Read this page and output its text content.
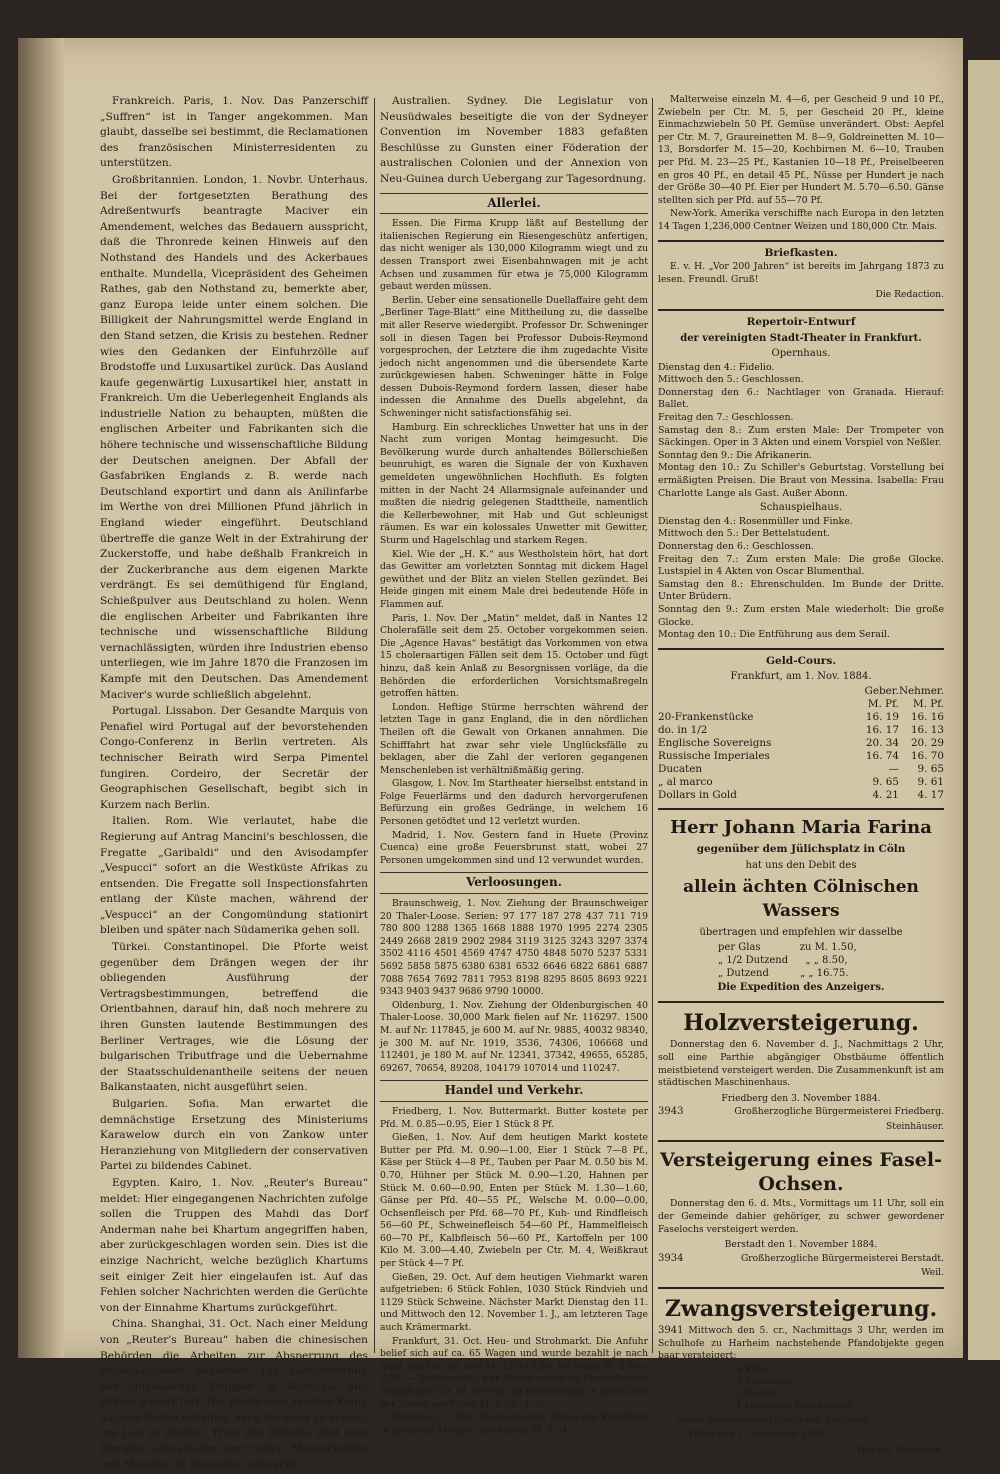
Frankreich. Paris, 1. Nov. Das Panzerschiff „Suffren“ ist in Tanger angekommen. Man glaubt, dasselbe sei bestimmt, die Reclamationen des französischen Ministerresidenten zu unterstützen.

Großbritannien. London, 1. Novbr. Unterhaus. Bei der fortgesetzten Berathung des Adreßentwurfs beantragte Maciver ein Amendement, welches das Bedauern ausspricht, daß die Thronrede keinen Hinweis auf den Nothstand des Handels und des Ackerbaues enthalte. Mundella, Vicepräsident des Geheimen Rathes, gab den Nothstand zu, bemerkte aber, ganz Europa leide unter einem solchen. Die Billigkeit der Nahrungsmittel werde England in den Stand setzen, die Krisis zu bestehen. Redner wies den Gedanken der Einfuhrzölle auf Brodstoffe und Luxusartikel zurück. Das Ausland kaufe gegenwärtig Luxusartikel hier, anstatt in Frankreich. Um die Ueberlegenheit Englands als industrielle Nation zu behaupten, müßten die englischen Arbeiter und Fabrikanten sich die höhere technische und wissenschaftliche Bildung der Deutschen aneignen. Der Abfall der Gasfabriken Englands z. B. werde nach Deutschland exportirt und dann als Anilinfarbe im Werthe von drei Millionen Pfund jährlich in England wieder eingeführt. Deutschland übertreffe die ganze Welt in der Extrahirung der Zuckerstoffe, und habe deßhalb Frankreich in der Zuckerbranche aus dem eigenen Markte verdrängt. Es sei demüthigend für England, Schießpulver aus Deutschland zu holen. Wenn die englischen Arbeiter und Fabrikanten ihre technische und wissenschaftliche Bildung vernachlässigten, würden ihre Industrien ebenso unterliegen, wie im Jahre 1870 die Franzosen im Kampfe mit den Deutschen. Das Amendement Maciver's wurde schließlich abgelehnt.

Portugal. Lissabon. Der Gesandte Marquis von Penafiel wird Portugal auf der bevorstehenden Congo-Conferenz in Berlin vertreten. Als technischer Beirath wird Serpa Pimentel fungiren. Cordeiro, der Secretär der Geographischen Gesellschaft, begibt sich in Kurzem nach Berlin.

Italien. Rom. Wie verlautet, habe die Regierung auf Antrag Mancini's beschlossen, die Fregatte „Garibaldi“ und den Avisodampfer „Vespucci“ sofort an die Westküste Afrikas zu entsenden. Die Fregatte soll Inspectionsfahrten entlang der Küste machen, während der „Vespucci“ an der Congomündung stationirt bleiben und später nach Südamerika gehen soll.

Türkei. Constantinopel. Die Pforte weist gegenüber dem Drängen wegen der ihr obliegenden Ausführung der Vertragsbestimmungen, betreffend die Orientbahnen, darauf hin, daß noch mehrere zu ihren Gunsten lautende Bestimmungen des Berliner Vertrages, wie die Lösung der bulgarischen Tributfrage und die Uebernahme der Staatsschuldenantheile seitens der neuen Balkanstaaten, nicht ausgeführt seien.

Bulgarien. Sofia. Man erwartet die demnächstige Ersetzung des Ministeriums Karawelow durch ein von Zankow unter Heranziehung von Mitgliedern der conservativen Partei zu bildendes Cabinet.

Egypten. Kairo, 1. Nov. „Reuter's Bureau“ meldet: Hier eingegangenen Nachrichten zufolge sollen die Truppen des Mahdi das Dorf Anderman nahe bei Khartum angegriffen haben, aber zurückgeschlagen worden sein. Dies ist die einzige Nachricht, welche bezüglich Khartums seit einiger Zeit hier eingelaufen ist. Auf das Fehlen solcher Nachrichten werden die Gerüchte von der Einnahme Khartums zurückgeführt.

China. Shanghai, 31. Oct. Nach einer Meldung von „Reuter's Bureau“ haben die chinesischen Behörden die Arbeiten zur Absperrung des Woosungflusses begonnen. Die Concentrirung der chinesischen Truppen in Shanghai und Peking dauert fort. Die Flotte vom Yangtse-Kiang hat den Befehl erhalten, nach Formosa zu segeln, um Lun zu decken. Trotz der Blokade sind zwei Dampfer eingelaufen und haben Mannschaften und Munition in Sicherheit gebracht.

Australien. Sydney. Die Legislatur von Neusüdwales beseitigte die von der Sydneyer Convention im November 1883 gefaßten Beschlüsse zu Gunsten einer Föderation der australischen Colonien und der Annexion von Neu-Guinea durch Uebergang zur Tagesordnung.

Allerlei.

Essen. Die Firma Krupp läßt auf Bestellung der italienischen Regierung ein Riesengeschütz anfertigen, das nicht weniger als 130,000 Kilogramm wiegt und zu dessen Transport zwei Eisenbahnwagen mit je acht Achsen und zusammen für etwa je 75,000 Kilogramm gebaut werden müssen.

Berlin. Ueber eine sensationelle Duellaffaire geht dem „Berliner Tage-Blatt“ eine Mittheilung zu, die dasselbe mit aller Reserve wiedergibt. Professor Dr. Schweninger soll in diesen Tagen bei Professor Dubois-Reymond vorgesprochen, der Letztere die ihm zugedachte Visite jedoch nicht angenommen und die übersendete Karte zurückgewiesen haben. Schweninger hätte in Folge dessen Dubois-Reymond fordern lassen, dieser habe indessen die Annahme des Duells abgelehnt, da Schweninger nicht satisfactionsfähig sei.

Hamburg. Ein schreckliches Unwetter hat uns in der Nacht zum vorigen Montag heimgesucht. Die Bevölkerung wurde durch anhaltendes Böllerschießen beunruhigt, es waren die Signale der von Kuxhaven gemeldeten ungewöhnlichen Hochfluth. Es folgten mitten in der Nacht 24 Allarmsignale aufeinander und mußten die niedrig gelegenen Stadttheile, namentlich die Kellerbewohner, mit Hab und Gut schleunigst räumen. Es war ein kolossales Unwetter mit Gewitter, Sturm und Hagelschlag und starkem Regen.

Kiel. Wie der „H. K.“ aus Westholstein hört, hat dort das Gewitter am vorletzten Sonntag mit dickem Hagel gewüthet und der Blitz an vielen Stellen gezündet. Bei Heide gingen mit einem Male drei bedeutende Höfe in Flammen auf.

Paris, 1. Nov. Der „Matin“ meldet, daß in Nantes 12 Cholerafälle seit dem 25. October vorgekommen seien. Die „Agence Havas“ bestätigt das Vorkommen von etwa 15 choleraartigen Fällen seit dem 15. October und fügt hinzu, daß kein Anlaß zu Besorgnissen vorläge, da die Behörden die erforderlichen Vorsichtsmaßregeln getroffen hätten.

London. Heftige Stürme herrschten während der letzten Tage in ganz England, die in den nördlichen Theilen oft die Gewalt von Orkanen annahmen. Die Schifffahrt hat zwar sehr viele Unglücksfälle zu beklagen, aber die Zahl der verloren gegangenen Menschenleben ist verhältnißmäßig gering.

Glasgow, 1. Nov. Im Startheater hierselbst entstand in Folge Feuerlärms und den dadurch hervorgerufenen Befürzung ein großes Gedränge, in welchem 16 Personen getödtet und 12 verletzt wurden.

Madrid, 1. Nov. Gestern fand in Huete (Provinz Cuenca) eine große Feuersbrunst statt, wobei 27 Personen umgekommen sind und 12 verwundet wurden.

Verloosungen.

Braunschweig, 1. Nov. Ziehung der Braunschweiger 20 Thaler-Loose. Serien: 97 177 187 278 437 711 719 780 800 1288 1365 1668 1888 1970 1995 2274 2305 2449 2668 2819 2902 2984 3119 3125 3243 3297 3374 3502 4116 4501 4569 4747 4750 4848 5070 5237 5331 5692 5858 5875 6380 6381 6532 6646 6822 6861 6887 7088 7654 7692 7811 7953 8198 8295 8605 8693 9221 9343 9403 9437 9686 9790 10000.

Oldenburg, 1. Nov. Ziehung der Oldenburgischen 40 Thaler-Loose. 30,000 Mark fielen auf Nr. 116297. 1500 M. auf Nr. 117845, je 600 M. auf Nr. 9885, 40032 98340, je 300 M. auf Nr. 1919, 3536, 74306, 106668 und 112401, je 180 M. auf Nr. 12341, 37342, 49655, 65285, 69267, 70654, 89208, 104179 107014 und 110247.

Handel und Verkehr.

Friedberg, 1. Nov. Buttermarkt. Butter kostete per Pfd. M. 0.85—0.95, Eier 1 Stück 8 Pf.

Gießen, 1. Nov. Auf dem heutigen Markt kostete Butter per Pfd. M. 0.90—1.00, Eier 1 Stück 7—8 Pf., Käse per Stück 4—8 Pf., Tauben per Paar M. 0.50 bis M. 0.70, Hühner per Stück M. 0.90—1.20, Hahnen per Stück M. 0.60—0.90, Enten per Stück M. 1.30—1.60, Gänse per Pfd. 40—55 Pf., Welsche M. 0.00—0.00, Ochsenfleisch per Pfd. 68—70 Pf., Kuh- und Rindfleisch 56—60 Pf., Schweinefleisch 54—60 Pf., Hammelfleisch 60—70 Pf., Kalbfleisch 56—60 Pf., Kartoffeln per 100 Kilo M. 3.00—4.40, Zwiebeln per Ctr. M. 4, Weißkraut per Stück 4—7 Pf.

Gießen, 29. Oct. Auf dem heutigen Viehmarkt waren aufgetrieben: 6 Stück Fohlen, 1030 Stück Rindvieh und 1129 Stück Schweine. Nächster Markt Dienstag den 11. und Mittwoch den 12. November 1. J., am letzteren Tage auch Krämermarkt.

Frankfurt, 31. Oct. Heu- und Strohmarkt. Die Anfuhr belief sich auf ca. 65 Wagen und wurde bezahlt je nach Qual. per Ctr. für Heu M. 2.50—3.20, für Stroh M. 2.30—2.50. — Buttermarkt. Für Butter wurde im Engroshandel bezahlt per Ctr. M. 85—88, im Kleinverkauf je nach Güte der Waare per Pfund M. 1.20—1.30.

Frankfurt, 1. Nov. Wochenmarkt. Preise der Kartoffeln in größeren Mengen per Malter M. 3—4,

Malterweise einzeln M. 4—6, per Gescheid 9 und 10 Pf., Zwiebeln per Ctr. M. 5, per Gescheid 20 Pf., kleine Einmachzwiebeln 50 Pf. Gemüse unverändert. Obst: Aepfel per Ctr. M. 7, Graureinetten M. 8—9, Goldreinetten M. 10—13, Borsdorfer M. 15—20, Kochbirnen M. 6—10, Trauben per Pfd. M. 23—25 Pf., Kastanien 10—18 Pf., Preiselbeeren en gros 40 Pf., en detail 45 Pf., Nüsse per Hundert je nach der Größe 30—40 Pf. Eier per Hundert M. 5.70—6.50. Gänse stellten sich per Pfd. auf 55—70 Pf.

New-York. Amerika verschiffte nach Europa in den letzten 14 Tagen 1,236,000 Centner Weizen und 180,000 Ctr. Mais.

Briefkasten.

E. v. H. „Vor 200 Jahren“ ist bereits im Jahrgang 1873 zu lesen. Freundl. Gruß!

Die Redaction.
Repertoir-Entwurf
der vereinigten Stadt-Theater in Frankfurt.
Opernhaus.
Dienstag den 4.: Fidelio.
Mittwoch den 5.: Geschlossen.
Donnerstag den 6.: Nachtlager von Granada. Hierauf: Ballet.
Freitag den 7.: Geschlossen.
Samstag den 8.: Zum ersten Male: Der Trompeter von Säckingen. Oper in 3 Akten und einem Vorspiel von Neßler.
Sonntag den 9.: Die Afrikanerin.
Montag den 10.: Zu Schiller's Geburtstag. Vorstellung bei ermäßigten Preisen. Die Braut von Messina. Isabella: Frau Charlotte Lange als Gast. Außer Abonn.
Schauspielhaus.
Dienstag den 4.: Rosenmüller und Finke.
Mittwoch den 5.: Der Bettelstudent.
Donnerstag den 6.: Geschlossen.
Freitag den 7.: Zum ersten Male: Die große Glocke. Lustspiel in 4 Akten von Oscar Blumenthal.
Samstag den 8.: Ehrenschulden. Im Bunde der Dritte. Unter Brüdern.
Sonntag den 9.: Zum ersten Male wiederholt: Die große Glocke.
Montag den 10.: Die Entführung aus dem Serail.
Geld-Cours.
Frankfurt, am 1. Nov. 1884.
	Geber.	Nehmer.
	M. Pf.	M. Pf.
20-Frankenstücke	16. 19	16. 16
do. in 1/2	16. 17	16. 13
Englische Sovereigns	20. 34	20. 29
Russische Imperiales	16. 74	16. 70
Ducaten	—	9. 65
„ al marco	9. 65	9. 61
Dollars in Gold	4. 21	4. 17
Herr Johann Maria Farina
gegenüber dem Jülichsplatz in Cöln
hat uns den Debit des
allein ächten Cölnischen Wassers
übertragen und empfehlen wir dasselbe
per Glas	zu M. 1.50,
„ 1/2 Dutzend „ „ 8.50,
„ Dutzend	„ „ 16.75.
Die Expedition des Anzeigers.
Holzversteigerung.

Donnerstag den 6. November d. J., Nachmittags 2 Uhr, soll eine Parthie abgängiger Obstbäume öffentlich meistbietend versteigert werden. Die Zusammenkunft ist am städtischen Maschinenhaus.

Friedberg den 3. November 1884.
3943	Großherzogliche Bürgermeisterei Friedberg.
Steinhäuser.
Versteigerung eines Fasel-Ochsen.

Donnerstag den 6. d. Mts., Vormittags um 11 Uhr, soll ein der Gemeinde dahier gehöriger, zu schwer gewordener Faselochs versteigert werden.

Berstadt den 1. November 1884.
3934	Großherzogliche Bürgermeisterei Berstadt.
Weil.
Zwangsversteigerung.

3941 Mittwoch den 5. cr., Nachmittags 3 Uhr, werden im Schulhofe zu Harheim nachstehende Pfandobjekte gegen baar versteigert:

4 Kühe,
3 Schweine,
2 Ziegen,
1 kupferner Waschkessel,
sowie Hausmobilien durch alle Rubriken.
Vilbel den 1. November 1884.
Herget, Kreisbote.
